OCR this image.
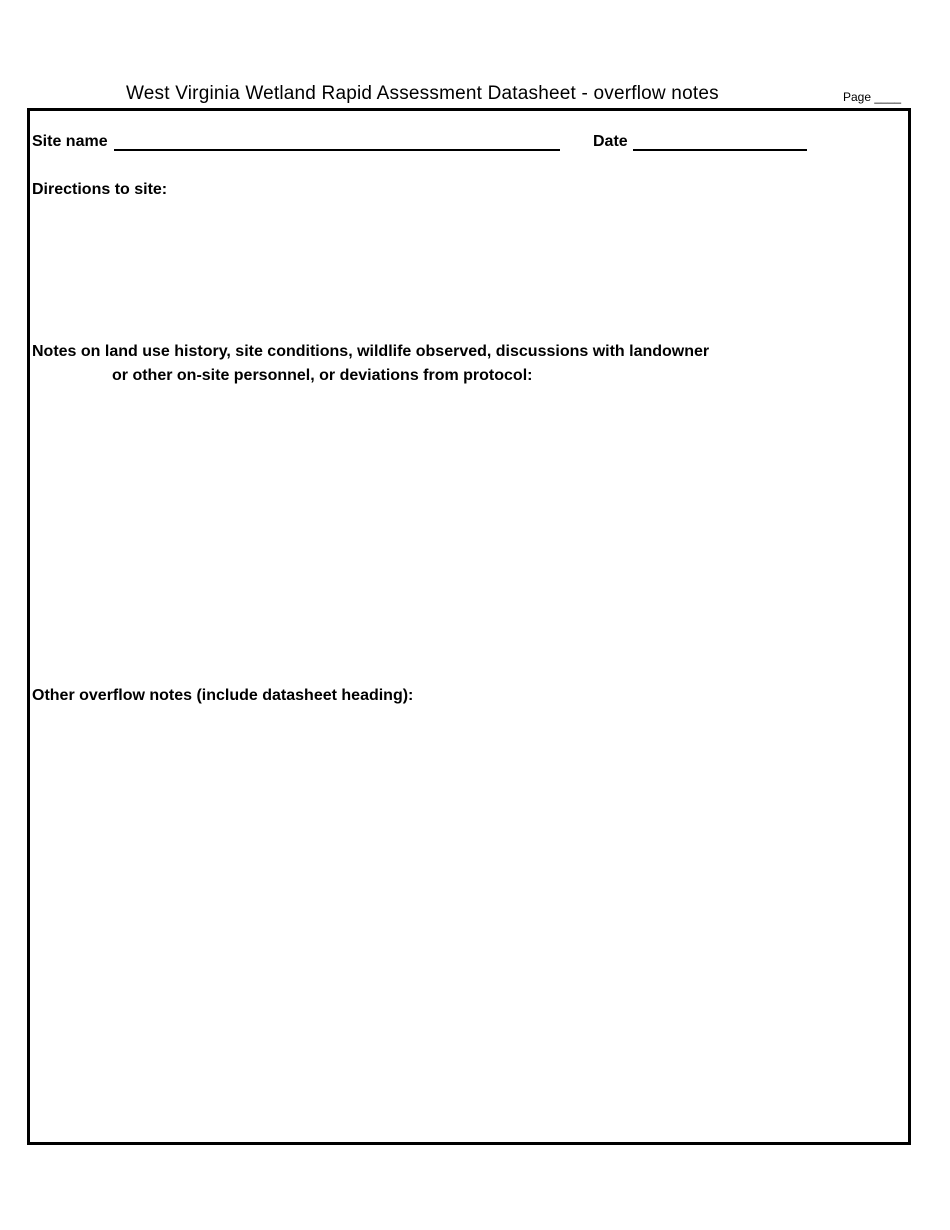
West Virginia Wetland Rapid Assessment Datasheet - overflow notes	Page ____
Site name	Date
Directions to site:
Notes on land use history, site conditions, wildlife observed, discussions with landowner
or other on-site personnel, or deviations from protocol:
Other overflow notes (include datasheet heading):
